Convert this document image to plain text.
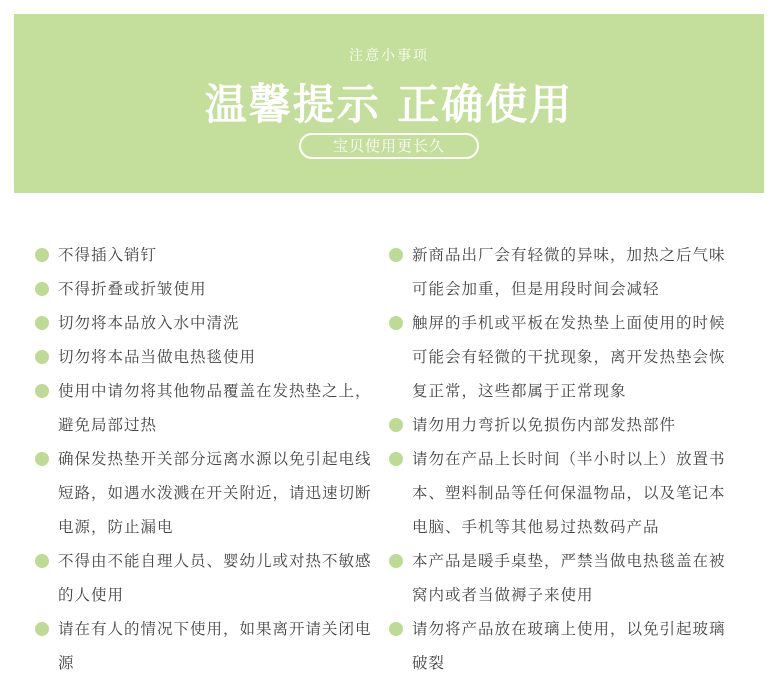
注意小事项
温馨提示 正确使用
宝贝使用更长久
不得插入销钉
不得折叠或折皱使用
切勿将本品放入水中清洗
切勿将本品当做电热毯使用
使用中请勿将其他物品覆盖在发热垫之上，避免局部过热
确保发热垫开关部分远离水源以免引起电线短路，如遇水泼溅在开关附近，请迅速切断电源，防止漏电
不得由不能自理人员、婴幼儿或对热不敏感的人使用
请在有人的情况下使用，如果离开请关闭电源
新商品出厂会有轻微的异味，加热之后气味可能会加重，但是用段时间会减轻
触屏的手机或平板在发热垫上面使用的时候可能会有轻微的干扰现象，离开发热垫会恢复正常，这些都属于正常现象
请勿用力弯折以免损伤内部发热部件
请勿在产品上长时间（半小时以上）放置书本、塑料制品等任何保温物品，以及笔记本电脑、手机等其他易过热数码产品
本产品是暖手桌垫，严禁当做电热毯盖在被窝内或者当做褥子来使用
请勿将产品放在玻璃上使用，以免引起玻璃破裂
